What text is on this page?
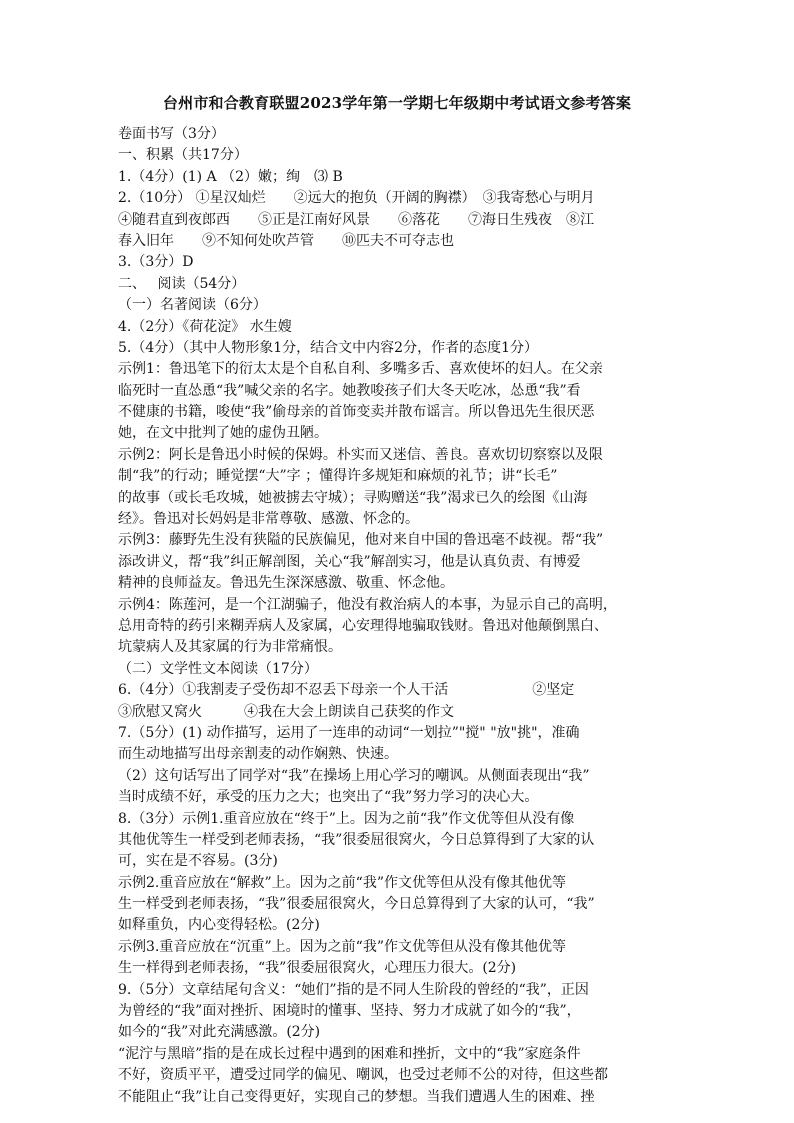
台州市和合教育联盟2023学年第一学期七年级期中考试语文参考答案
卷面书写（3分）
一、积累（共17分）
1.（4分）(1) A （2）嫩；绚　⑶ B
2.（10分） ①星汉灿烂　　②远大的抱负（开阔的胸襟）　③我寄愁心与明月
④随君直到夜郎西　　⑤正是江南好风景　　⑥落花　　⑦海日生残夜　⑧江
春入旧年　　⑨不知何处吹芦管　　⑩匹夫不可夺志也
3.（3分）D
二、　 阅读（54分）
（一）名著阅读（6分）
4.（2分）《荷花淀》 水生嫂
5.（4分）（其中人物形象1分，结合文中内容2分，作者的态度1分）
示例1：鲁迅笔下的衍太太是个自私自利、多嘴多舌、喜欢使坏的妇人。在父亲
临死时一直怂恿“我”喊父亲的名字。她教唆孩子们大冬天吃冰，怂恿“我”看
不健康的书籍，唆使“我”偷母亲的首饰变卖并散布谣言。所以鲁迅先生很厌恶
她，在文中批判了她的虚伪丑陋。
示例2：阿长是鲁迅小时候的保姆。朴实而又迷信、善良。喜欢切切察察以及限
制“我”的行动；睡觉摆“大”字 ；懂得许多规矩和麻烦的礼节；讲“长毛”
的故事（或长毛攻城，她被掳去守城）；寻购赠送“我”渴求已久的绘图《山海
经》。鲁迅对长妈妈是非常尊敬、感激、怀念的。
示例3：藤野先生没有狭隘的民族偏见，他对来自中国的鲁迅毫不歧视。帮“我”
添改讲义，帮“我”纠正解剖图，关心“我”解剖实习，他是认真负责、有博爱
精神的良师益友。鲁迅先生深深感激、敬重、怀念他。
示例4：陈莲河，是一个江湖骗子，他没有救治病人的本事，为显示自己的高明，
总用奇特的药引来糊弄病人及家属，心安理得地骗取钱财。鲁迅对他颠倒黑白、
坑蒙病人及其家属的行为非常痛恨。
（二）文学性文本阅读（17分）
6.（4分）①我割麦子受伤却不忍丢下母亲一个人干活　　　　　　②坚定
③欣慰又窝火　　　④我在大会上朗读自己获奖的作文
7.（5分）(1) 动作描写，运用了一连串的动词“一划拉”"搅" "放"挑"，准确
而生动地描写出母亲割麦的动作娴熟、快速。
（2）这句话写出了同学对“我”在操场上用心学习的嘲讽。从侧面表现出“我”
当时成绩不好，承受的压力之大；也突出了“我”努力学习的决心大。
8.（3分）示例1.重音应放在“终于”上。因为之前“我”作文优等但从没有像
其他优等生一样受到老师表扬，“我”很委屈很窝火，今日总算得到了大家的认
可，实在是不容易。(3分)
示例2.重音应放在“解救”上。因为之前“我”作文优等但从没有像其他优等
生一样受到老师表扬，“我”很委屈很窝火，今日总算得到了大家的认可，“我”
如释重负，内心变得轻松。(2分)
示例3.重音应放在“沉重”上。因为之前“我”作文优等但从没有像其他优等
生一样得到老师表扬，“我”很委屈很窝火，心理压力很大。(2分)
9.（5分）文章结尾句含义：“她们”指的是不同人生阶段的曾经的“我”，正因
为曾经的“我”面对挫折、困境时的懂事、坚持、努力才成就了如今的“我”，
如今的“我”对此充满感激。(2分)
“泥泞与黑暗”指的是在成长过程中遇到的困难和挫折，文中的“我”家庭条件
不好，资质平平，遭受过同学的偏见、嘲讽，也受过老师不公的对待，但这些都
不能阻止“我”让自己变得更好，实现自己的梦想。当我们遭遇人生的困难、挫
